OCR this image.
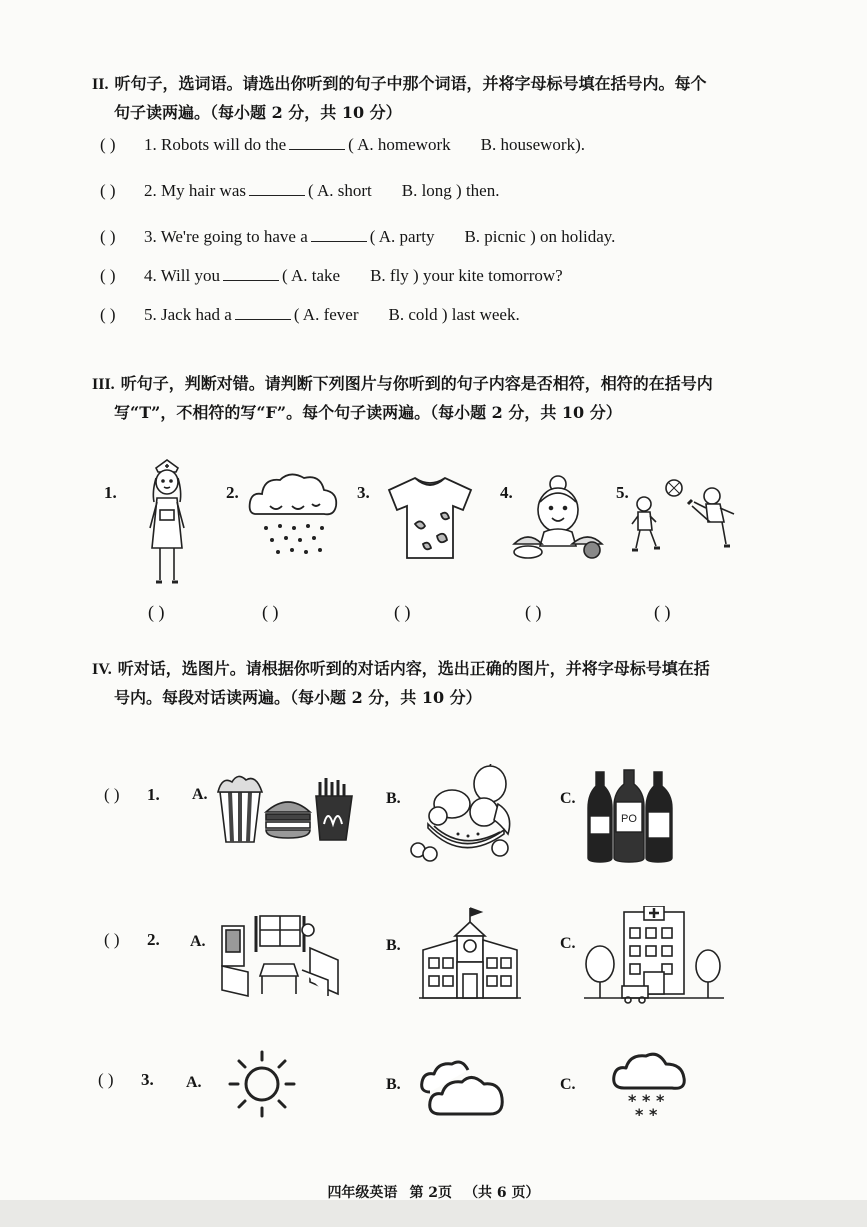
II. 听句子，选词语。请选出你听到的句子中那个词语，并将字母标号填在括号内。每个
句子读两遍。（每小题 2 分，共 10 分）
( ) 1. Robots will do the	( A. homework B. housework).
( ) 2. My hair was	( A. short B. long ) then.
( ) 3. We're going to have a	( A. party B. picnic ) on holiday.
( ) 4. Will you	( A. take B. fly ) your kite tomorrow?
( ) 5. Jack had a	( A. fever B. cold ) last week.
III. 听句子，判断对错。请判断下列图片与你听到的句子内容是否相符，相符的在括号内
写“T”，不相符的写“F”。每个句子读两遍。（每小题 2 分，共 10 分）
1.	2.	3.	4.	5.
( )	( )	( )	( )	( )
IV. 听对话，选图片。请根据你听到的对话内容，选出正确的图片，并将字母标号填在括
号内。每段对话读两遍。（每小题 2 分，共 10 分）
( ) 1. A.	B.	C.
PO
( ) 2. A.	B.	C.
( ) 3. A.	B.	C.
* * *
* *
四年级英语 第 2页 （共 6 页）
